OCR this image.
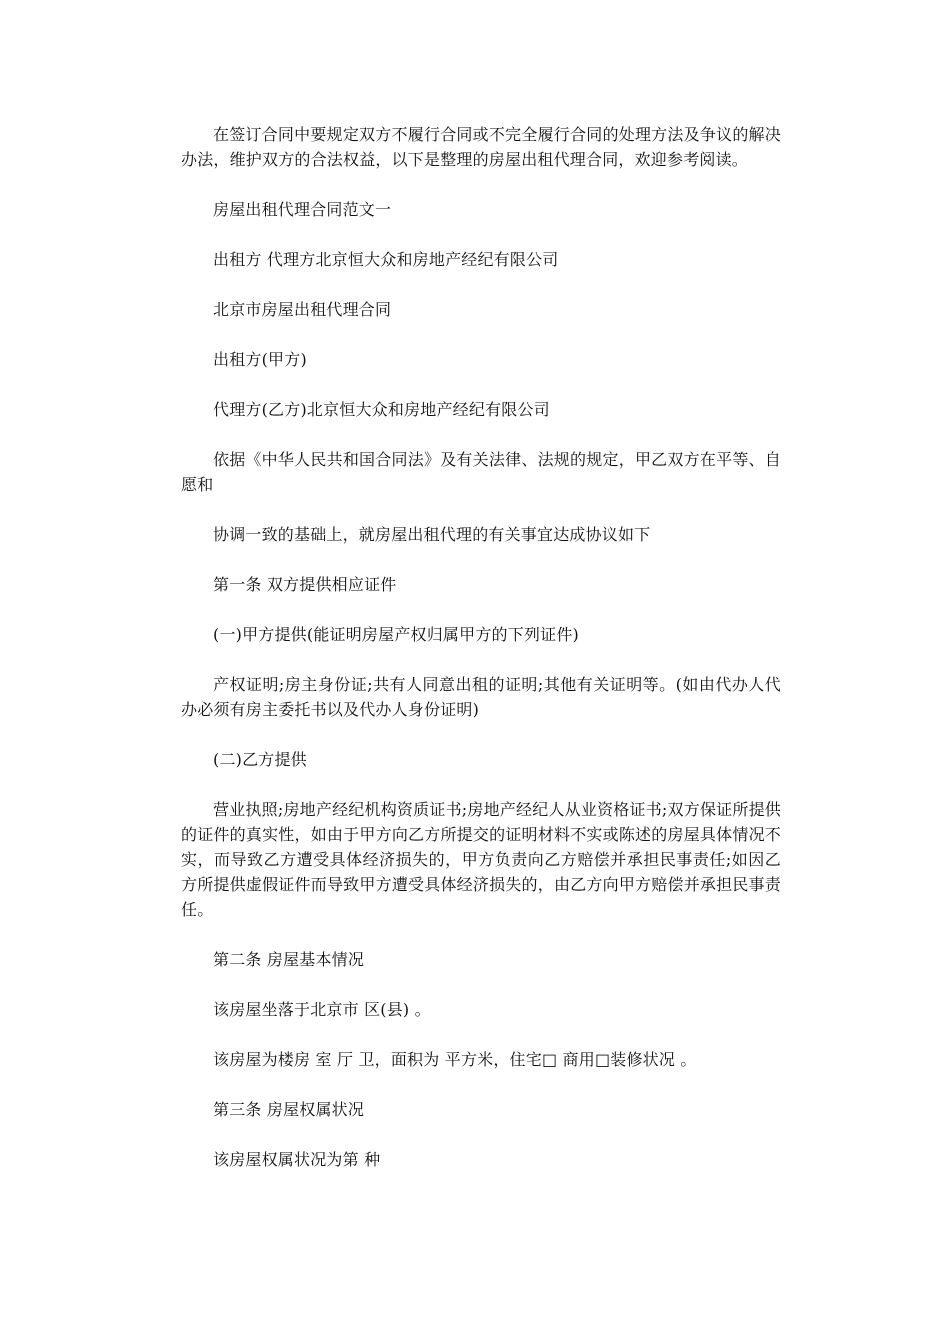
在签订合同中要规定双方不履行合同或不完全履行合同的处理方法及争议的解决办法，维护双方的合法权益，以下是整理的房屋出租代理合同，欢迎参考阅读。

房屋出租代理合同范文一

出租方 代理方北京恒大众和房地产经纪有限公司

北京市房屋出租代理合同

出租方(甲方)

代理方(乙方)北京恒大众和房地产经纪有限公司

依据《中华人民共和国合同法》及有关法律、法规的规定，甲乙双方在平等、自愿和

协调一致的基础上，就房屋出租代理的有关事宜达成协议如下

第一条 双方提供相应证件

(一)甲方提供(能证明房屋产权归属甲方的下列证件)

产权证明;房主身份证;共有人同意出租的证明;其他有关证明等。(如由代办人代办必须有房主委托书以及代办人身份证明)

(二)乙方提供

营业执照;房地产经纪机构资质证书;房地产经纪人从业资格证书;双方保证所提供的证件的真实性，如由于甲方向乙方所提交的证明材料不实或陈述的房屋具体情况不实，而导致乙方遭受具体经济损失的，甲方负责向乙方赔偿并承担民事责任;如因乙方所提供虚假证件而导致甲方遭受具体经济损失的，由乙方向甲方赔偿并承担民事责任。

第二条 房屋基本情况

该房屋坐落于北京市 区(县) 。

该房屋为楼房 室 厅 卫，面积为 平方米，住宅□ 商用□装修状况 。

第三条 房屋权属状况

该房屋权属状况为第 种
